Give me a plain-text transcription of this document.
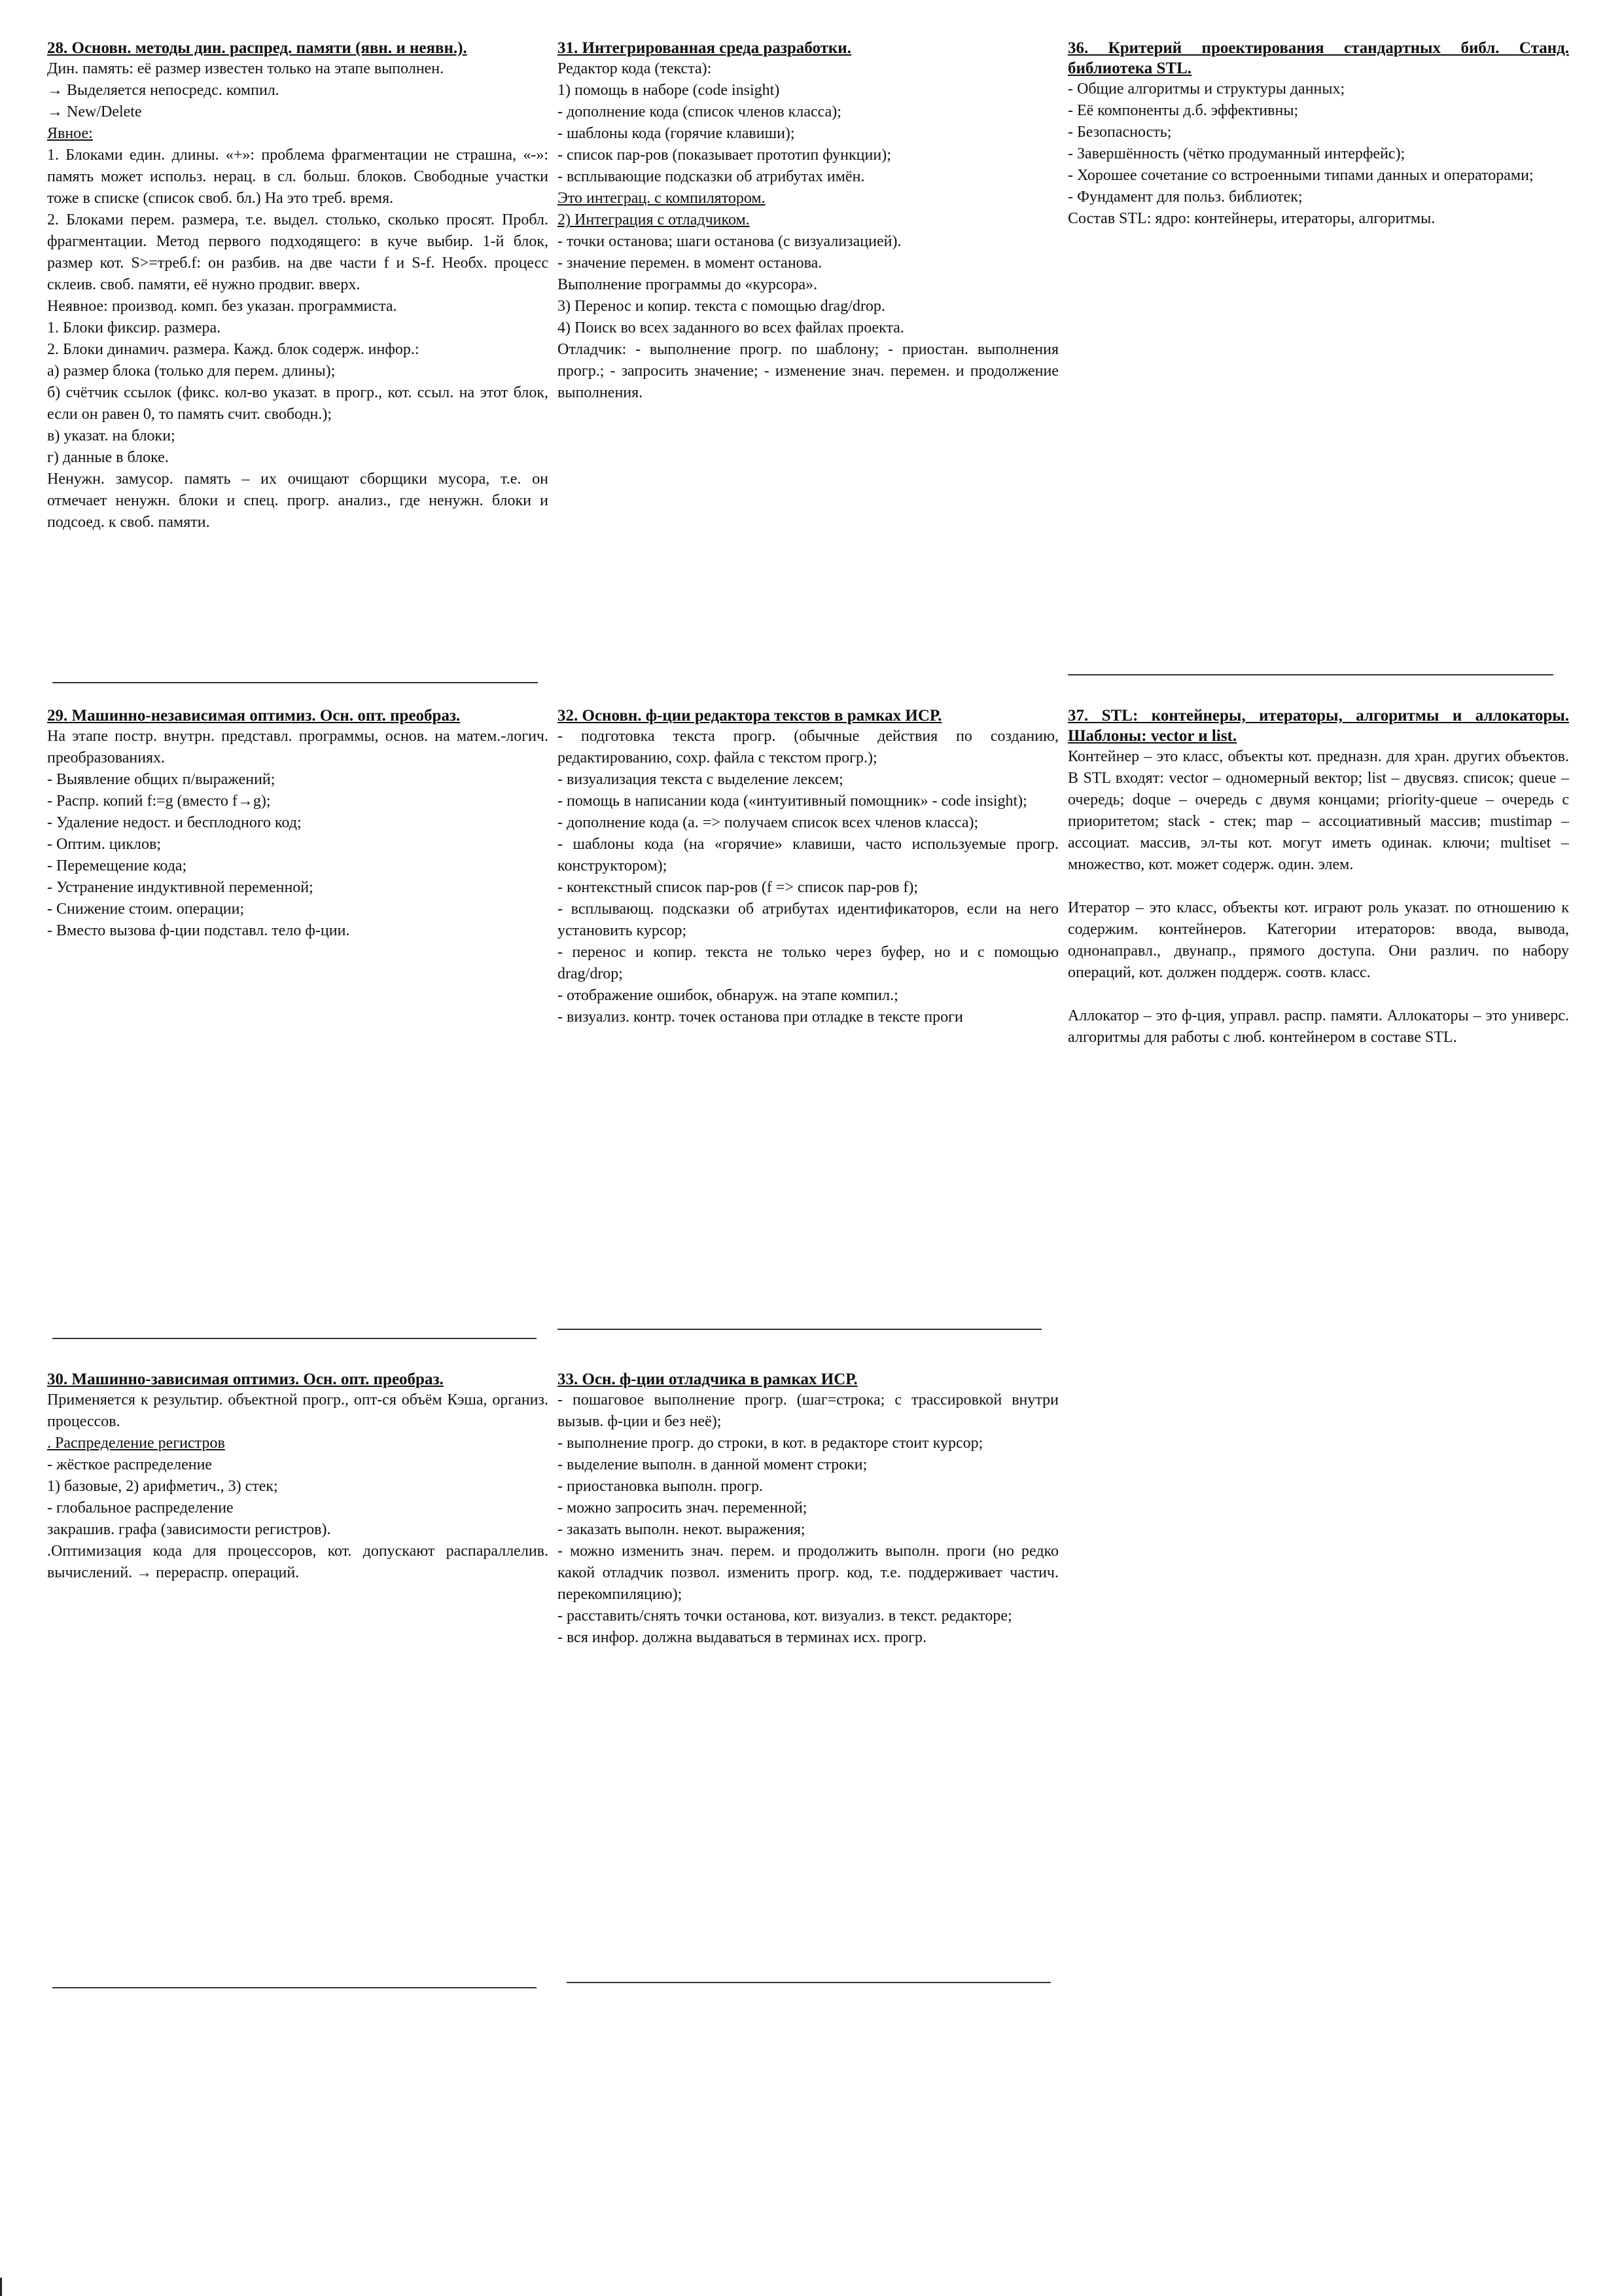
28. Основн. методы дин. распред. памяти (явн. и неявн.).

Дин. память: её размер известен только на этапе выполнен.

→ Выделяется непосредс. компил.

→ New/Delete

Явное:

1. Блоками един. длины. «+»: проблема фрагментации не страшна, «-»: память может использ. нерац. в сл. больш. блоков. Свободные участки тоже в списке (список своб. бл.) На это треб. время.

2. Блоками перем. размера, т.е. выдел. столько, сколько просят. Пробл. фрагментации. Метод первого подходящего: в куче выбир. 1-й блок, размер кот. S>=треб.f: он разбив. на две части f и S-f. Необх. процесс склеив. своб. памяти, её нужно продвиг. вверх.

Неявное: производ. комп. без указан. программиста.

1. Блоки фиксир. размера.

2. Блоки динамич. размера. Кажд. блок содерж. инфор.:

а) размер блока (только для перем. длины);

б) счётчик ссылок (фикс. кол-во указат. в прогр., кот. ссыл. на этот блок, если он равен 0, то память счит. свободн.);

в) указат. на блоки;

г) данные в блоке.

Ненужн. замусор. память – их очищают сборщики мусора, т.е. он отмечает ненужн. блоки и спец. прогр. анализ., где ненужн. блоки и подсоед. к своб. памяти.

31. Интегрированная среда разработки.

Редактор кода (текста):

1) помощь в наборе (code insight)

- дополнение кода (список членов класса);

- шаблоны кода (горячие клавиши);

- список пар-ров (показывает прототип функции);

- всплывающие подсказки об атрибутах имён.

Это интеграц. с компилятором.

2) Интеграция с отладчиком.

- точки останова; шаги останова (с визуализацией).

- значение перемен. в момент останова.

Выполнение программы до «курсора».

3) Перенос и копир. текста с помощью drag/drop.

4) Поиск во всех заданного во всех файлах проекта.

Отладчик: - выполнение прогр. по шаблону; - приостан. выполнения прогр.; - запросить значение; - изменение знач. перемен. и продолжение выполнения.

36. Критерий проектирования стандартных библ. Станд. библиотека STL.

- Общие алгоритмы и структуры данных;

- Её компоненты д.б. эффективны;

- Безопасность;

- Завершённость (чётко продуманный интерфейс);

- Хорошее сочетание со встроенными типами данных и операторами;

- Фундамент для польз. библиотек;

Состав STL: ядро: контейнеры, итераторы, алгоритмы.

29. Машинно-независимая оптимиз. Осн. опт. преобраз.

На этапе постр. внутрн. представл. программы, основ. на матем.-логич. преобразованиях.

- Выявление общих п/выражений;

- Распр. копий f:=g (вместо f→g);

- Удаление недост. и бесплодного код;

- Оптим. циклов;

- Перемещение кода;

- Устранение индуктивной переменной;

- Снижение стоим. операции;

- Вместо вызова ф-ции подставл. тело ф-ции.

32. Основн. ф-ции редактора текстов в рамках ИСР.

- подготовка текста прогр. (обычные действия по созданию, редактированию, сохр. файла с текстом прогр.);

- визуализация текста с выделение лексем;

- помощь в написании кода («интуитивный помощник» - code insight);

- дополнение кода (a. => получаем список всех членов класса);

- шаблоны кода (на «горячие» клавиши, часто используемые прогр. конструктором);

- контекстный список пар-ров (f => список пар-ров f);

- всплывающ. подсказки об атрибутах идентификаторов, если на него установить курсор;

- перенос и копир. текста не только через буфер, но и с помощью drag/drop;

- отображение ошибок, обнаруж. на этапе компил.;

- визуализ. контр. точек останова при отладке в тексте проги

37. STL: контейнеры, итераторы, алгоритмы и аллокаторы. Шаблоны: vector и list.

Контейнер – это класс, объекты кот. предназн. для хран. других объектов. В STL входят: vector – одномерный вектор; list – двусвяз. список; queue – очередь; doque – очередь с двумя концами; priority-queue – очередь с приоритетом; stack - стек; map – ассоциативный массив; mustimap – ассоциат. массив, эл-ты кот. могут иметь одинак. ключи; multiset – множество, кот. может содерж. один. элем.

Итератор – это класс, объекты кот. играют роль указат. по отношению к содержим. контейнеров. Категории итераторов: ввода, вывода, однонаправл., двунапр., прямого доступа. Они различ. по набору операций, кот. должен поддерж. соотв. класс.

Аллокатор – это ф-ция, управл. распр. памяти. Аллокаторы – это универс. алгоритмы для работы с люб. контейнером в составе STL.

30. Машинно-зависимая оптимиз. Осн. опт. преобраз.

Применяется к результир. объектной прогр., опт-ся объём Кэша, организ. процессов.

. Распределение регистров

- жёсткое распределение

1) базовые, 2) арифметич., 3) стек;

- глобальное распределение

закрашив. графа (зависимости регистров).

.Оптимизация кода для процессоров, кот. допускают распараллелив. вычислений. → перераспр. операций.

33. Осн. ф-ции отладчика в рамках ИСР.

- пошаговое выполнение прогр. (шаг=строка; с трассировкой внутри вызыв. ф-ции и без неё);

- выполнение прогр. до строки, в кот. в редакторе стоит курсор;

- выделение выполн. в данной момент строки;

- приостановка выполн. прогр.

- можно запросить знач. переменной;

- заказать выполн. некот. выражения;

- можно изменить знач. перем. и продолжить выполн. проги (но редко какой отладчик позвол. изменить прогр. код, т.е. поддерживает частич. перекомпиляцию);

- расставить/снять точки останова, кот. визуализ. в текст. редакторе;

- вся инфор. должна выдаваться в терминах исх. прогр.
